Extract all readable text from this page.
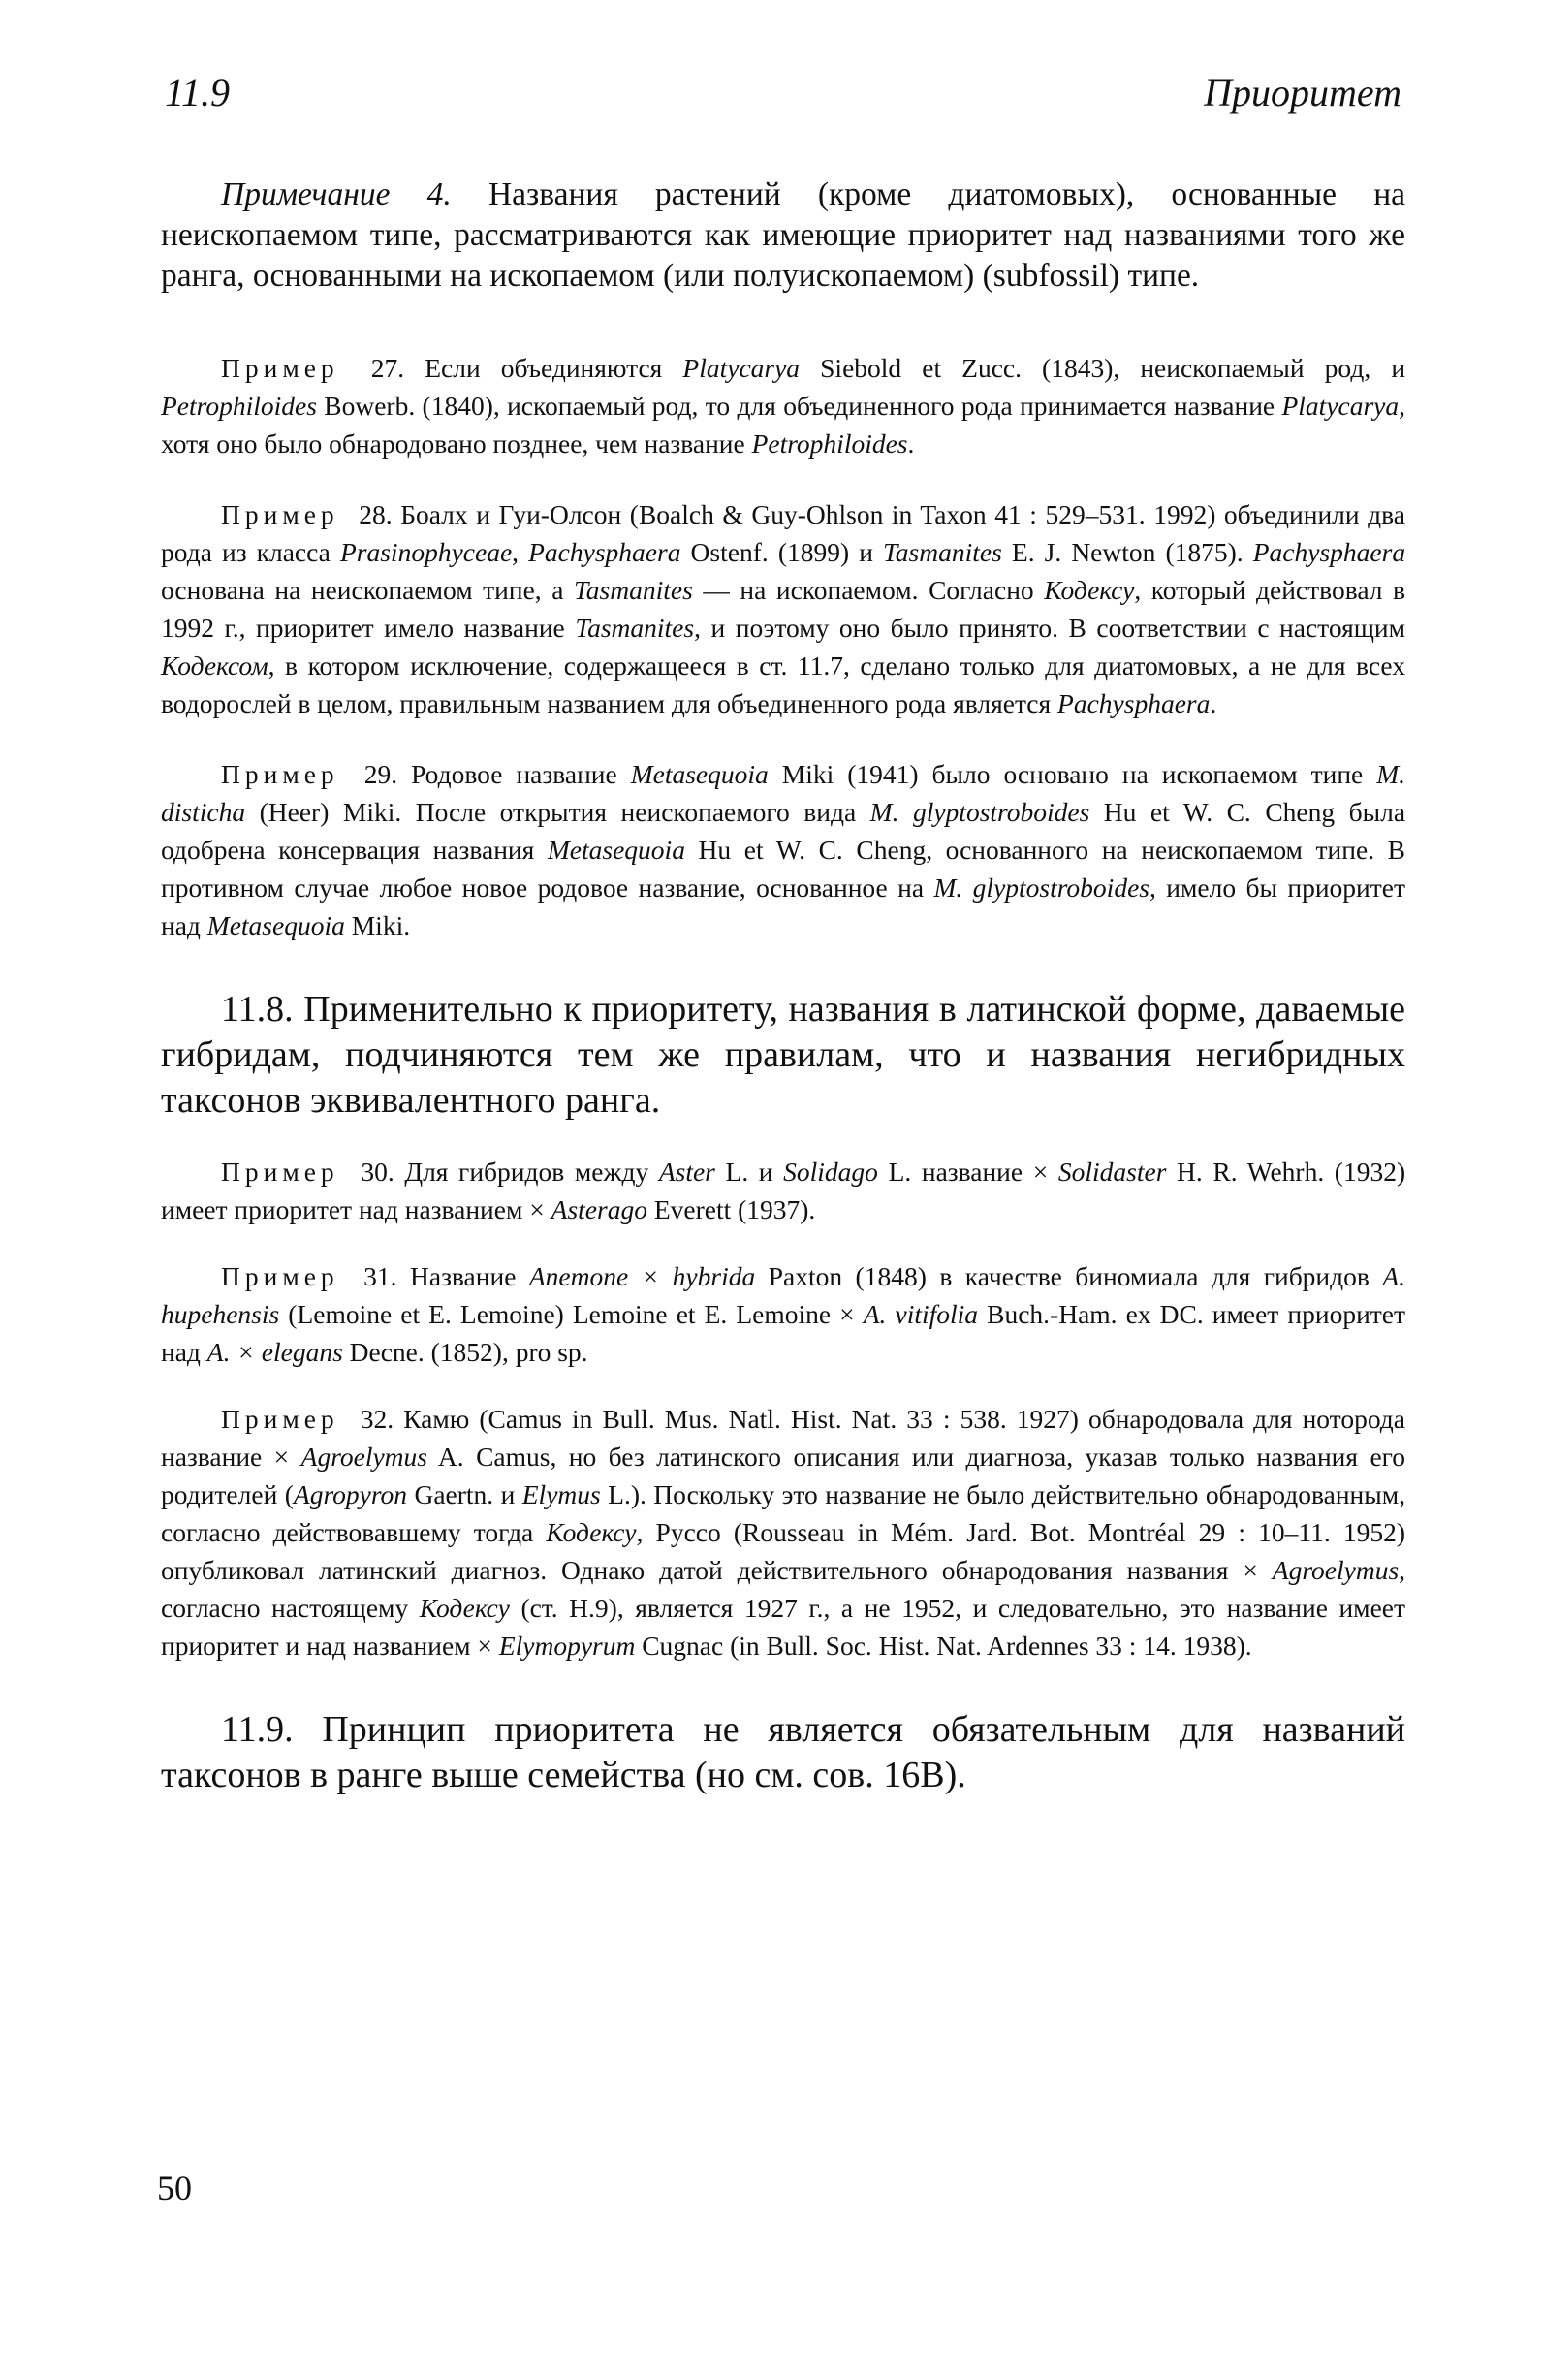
11.9	Приоритет

Примечание 4. Названия растений (кроме диатомовых), основанные на неископаемом типе, рассматриваются как имеющие приоритет над названиями того же ранга, основанными на ископаемом (или полуископаемом) (subfossil) типе.

Пример 27. Если объединяются Platycarya Siebold et Zucc. (1843), неископаемый род, и Petrophiloides Bowerb. (1840), ископаемый род, то для объединенного рода принимается название Platycarya, хотя оно было обнародовано позднее, чем название Petrophiloides.

Пример 28. Боалх и Гуи-Олсон (Boalch & Guy-Ohlson in Taxon 41 : 529–531. 1992) объединили два рода из класса Prasinophyceae, Pachysphaera Ostenf. (1899) и Tasmanites E. J. Newton (1875). Pachysphaera основана на неископаемом типе, а Tasmanites — на ископаемом. Согласно Кодексу, который действовал в 1992 г., приоритет имело название Tasmanites, и поэтому оно было принято. В соответствии с настоящим Кодексом, в котором исключение, содержащееся в ст. 11.7, сделано только для диатомовых, а не для всех водорослей в целом, правильным названием для объединенного рода является Pachysphaera.

Пример 29. Родовое название Metasequoia Miki (1941) было основано на ископаемом типе M. disticha (Heer) Miki. После открытия неископаемого вида M. glyptostroboides Hu et W. C. Cheng была одобрена консервация названия Metasequoia Hu et W. C. Cheng, основанного на неископаемом типе. В противном случае любое новое родовое название, основанное на M. glyptostroboides, имело бы приоритет над Metasequoia Miki.

11.8. Применительно к приоритету, названия в латинской форме, даваемые гибридам, подчиняются тем же правилам, что и названия негибридных таксонов эквивалентного ранга.

Пример 30. Для гибридов между Aster L. и Solidago L. название × Solidaster H. R. Wehrh. (1932) имеет приоритет над названием × Asterago Everett (1937).

Пример 31. Название Anemone × hybrida Paxton (1848) в качестве биномиала для гибридов A. hupehensis (Lemoine et E. Lemoine) Lemoine et E. Lemoine × A. vitifolia Buch.-Ham. ex DC. имеет приоритет над A. × elegans Decne. (1852), pro sp.

Пример 32. Камю (Camus in Bull. Mus. Natl. Hist. Nat. 33 : 538. 1927) обнародовала для ноторода название × Agroelymus A. Camus, но без латинского описания или диагноза, указав только названия его родителей (Agropyron Gaertn. и Elymus L.). Поскольку это название не было действительно обнародованным, согласно действовавшему тогда Кодексу, Руссо (Rousseau in Mém. Jard. Bot. Montréal 29 : 10–11. 1952) опубликовал латинский диагноз. Однако датой действительного обнародования названия × Agroelymus, согласно настоящему Кодексу (ст. H.9), является 1927 г., а не 1952, и следовательно, это название имеет приоритет и над названием × Elymopyrum Cugnac (in Bull. Soc. Hist. Nat. Ardennes 33 : 14. 1938).

11.9. Принцип приоритета не является обязательным для названий таксонов в ранге выше семейства (но см. сов. 16B).

50
